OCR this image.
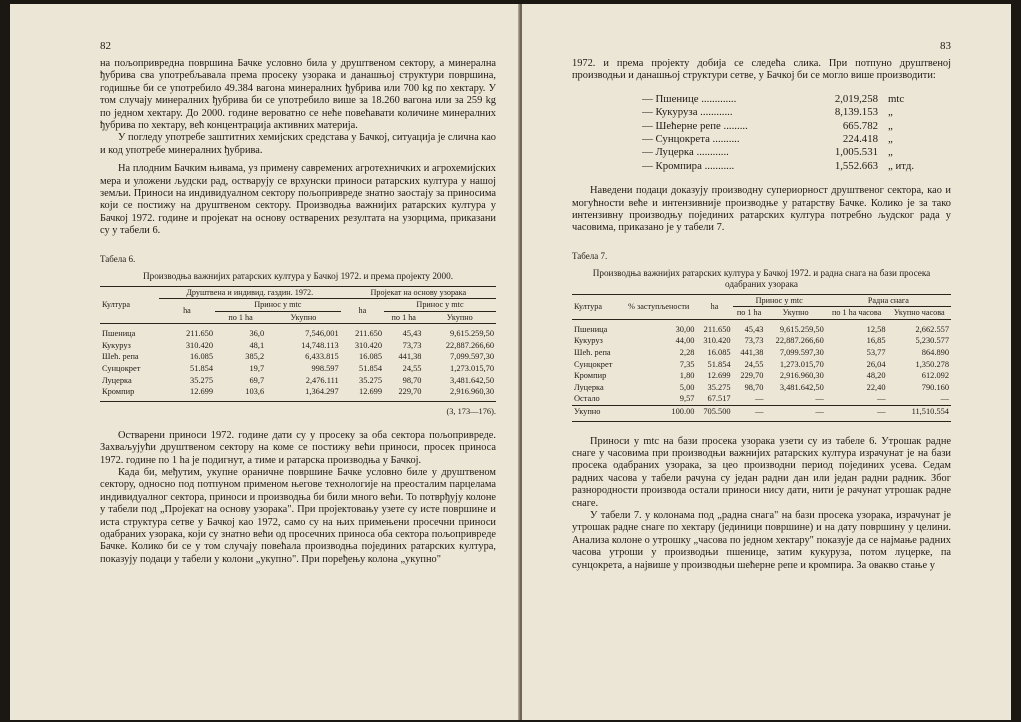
82

на пољопривредна површина Бачке условно била у друштвеном сектору, а минерална ђубрива сва употребљавала према просеку узорака и данашњој структури површина, годишње би се употребило 49.384 вагона минералних ђубрива или 700 kg по хектару. У том случају минералних ђубрива би се употребило више за 18.260 вагона или за 259 kg по једном хектару. До 2000. године вероватно се неће повећавати количине минералних ђубрива по хектару, већ концентрација активних материја.

У погледу употребе заштитних хемијских средстава у Бачкој, ситуација је слична као и код употребе минералних ђубрива.

На плодним Бачким њивама, уз примену савремених агротехничких и агрохемијских мера и уложени људски рад, остварују се врхунски приноси ратарских култура у нашој земљи. Приноси на индивидуалном сектору пољопривреде знатно заостају за приносима који се постижу на друштвеном сектору. Производња важнијих ратарских култура у Бачкој 1972. године и пројекат на основу остварених резултата на узорцима, приказани су у табели 6.

Табела 6.
Производња важнијих ратарских култура у Бачкој 1972. и према пројекту 2000.
Култура	Друштвена и индивид. газдин. 1972.			Пројекат на основу узорака		
	ha	Принос у mtc		ha	Принос у mtc	
		по 1 ha	Укупно		по 1 ha	Укупно
Пшеница	211.650	36,0	7,546,001	211.650	45,43	9,615.259,50
Кукуруз	310.420	48,1	14,748.113	310.420	73,73	22,887.266,60
Шећ. репа	16.085	385,2	6,433.815	16.085	441,38	7,099.597,30
Сунцокрет	51.854	19,7	998.597	51.854	24,55	1,273.015,70
Луцерка	35.275	69,7	2,476.111	35.275	98,70	3,481.642,50
Кромпир	12.699	103,6	1,364.297	12.699	229,70	2,916.960,30
(3, 173—176).

Остварени приноси 1972. године дати су у просеку за оба сектора пољопривреде. Захваљујући друштвеном сектору на коме се постижу већи приноси, просек приноса 1972. године по 1 ha је подигнут, а тиме и ратарска производња у Бачкој.

Када би, међутим, укупне ораничне површине Бачке условно биле у друштвеном сектору, односно под потпуном применом његове технологије на преосталим парцелама индивидуалног сектора, приноси и производња би били много већи. То потврђују колоне у табели под „Пројекат на основу узорака". При пројектовању узете су исте површине и иста структура сетве у Бачкој као 1972, само су на њих примењени просечни приноси одабраних узорака, који су знатно већи од просечних приноса оба сектора пољопривреде Бачке. Колико би се у том случају повећала производња појединих ратарских култура, показују подаци у табели у колони „укупно". При поређењу колона „укупно"

83

1972. и према пројекту добија се следећа слика. При потпуно друштвеној производњи и данашњој структури сетве, у Бачкој би се могло више производити:

— Пшенице .............	2,019,258 mtc
— Кукуруза ............	8,139.153 „
— Шећерне репе .........	665.782 „
— Сунцокрета ..........	224.418 „
— Луцерка ............	1,005.531 „
— Кромпира ...........	1,552.663 „ итд.

Наведени подаци доказују производну супериорност друштвеног сектора, као и могућности веће и интензивније производње у ратарству Бачке. Колико је за тако интензивну производњу појединих ратарских култура потребно људског рада у часовима, приказано је у табели 7.

Табела 7.
Производња важнијих ратарских култура у Бачкој 1972. и радна снага на бази просека одабраних узорака
Култура	% заступљености	ha	Принос у mtc		Радна снага	
			по 1 ha	Укупно	по 1 ha часова	Укупно часова
Пшеница	30,00	211.650	45,43	9,615.259,50	12,58	2,662.557
Кукуруз	44,00	310.420	73,73	22,887.266,60	16,85	5,230.577
Шећ. репа	2,28	16.085	441,38	7,099.597,30	53,77	864.890
Сунцокрет	7,35	51.854	24,55	1,273.015,70	26,04	1,350.278
Кромпир	1,80	12.699	229,70	2,916.960,30	48,20	612.092
Луцерка	5,00	35.275	98,70	3,481.642,50	22,40	790.160
Остало	9,57	67.517	—	—	—	—
Укупно	100.00	705.500	—	—	—	11,510.554

Приноси у mtc на бази просека узорака узети су из табеле 6. Утрошак радне снаге у часовима при производњи важнијих ратарских култура израчунат је на бази просека одабраних узорака, за цео производни период појединих усева. Седам радних часова у табели рачуна су један радни дан или један радни радник. Због разнородности производа остали приноси нису дати, нити је рачунат утрошак радне снаге.

У табели 7. у колонама под „радна снага" на бази просека узорака, израчунат је утрошак радне снаге по хектару (јединици површине) и на дату површину у целини. Анализа колоне о утрошку „часова по једном хектару" показује да се најмање радних часова утроши у производњи пшенице, затим кукуруза, потом луцерке, па сунцокрета, а највише у производњи шећерне репе и кромпира. За овакво стање у
